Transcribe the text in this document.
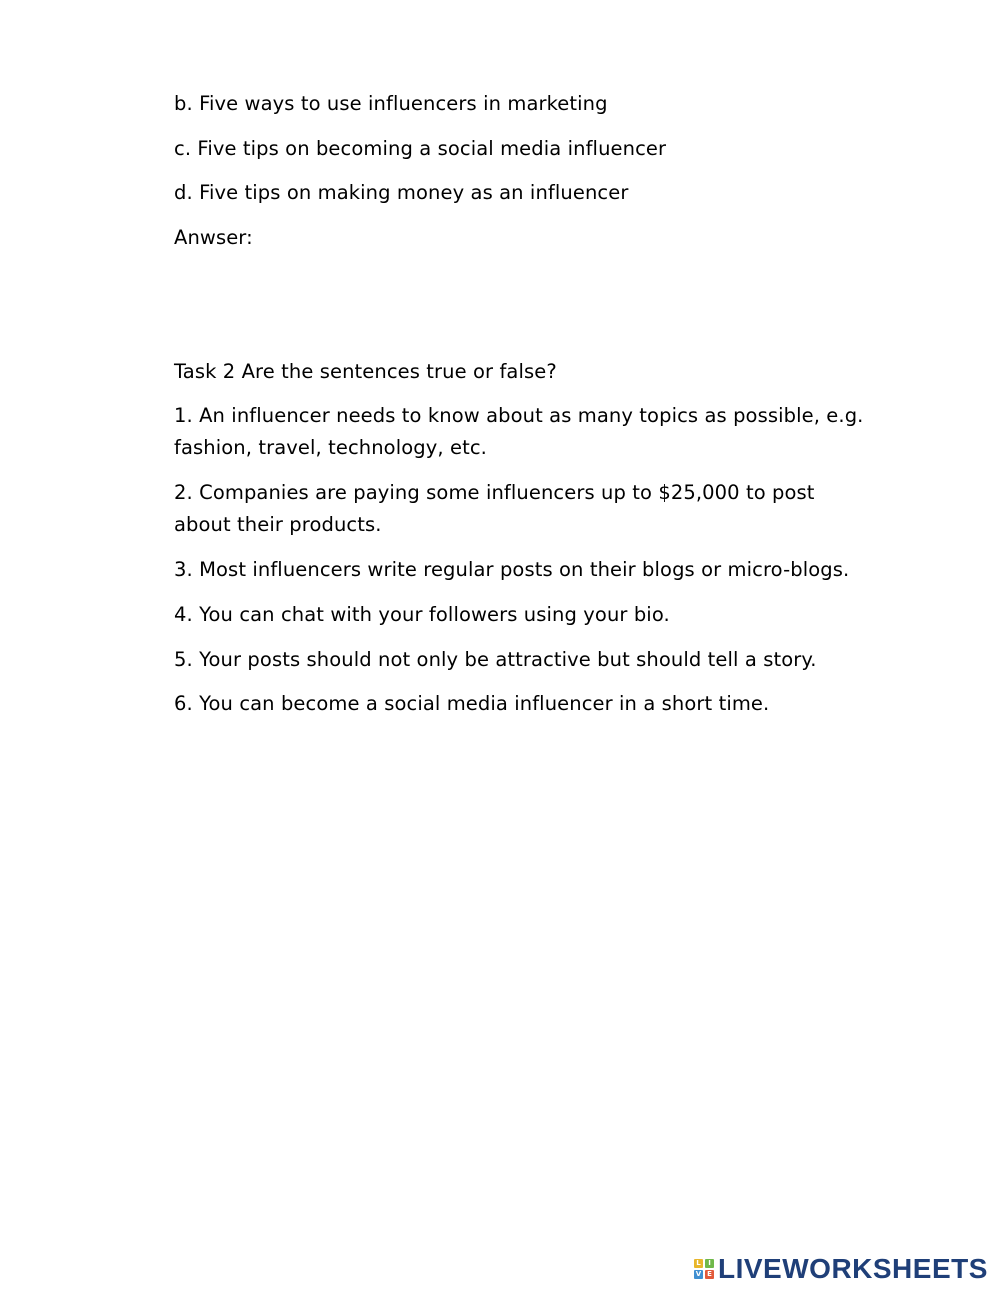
b. Five ways to use influencers in marketing
c. Five tips on becoming a social media influencer
d. Five tips on making money as an influencer
Anwser:
Task 2 Are the sentences true or false?
1. An influencer needs to know about as many topics as possible, e.g. fashion, travel, technology, etc.
2. Companies are paying some influencers up to $25,000 to post about their products.
3. Most influencers write regular posts on their blogs or micro-blogs.
4. You can chat with your followers using your bio.
5. Your posts should not only be attractive but should tell a story.
6. You can become a social media influencer in a short time.
L	I
V E LIVEWORKSHEETS
